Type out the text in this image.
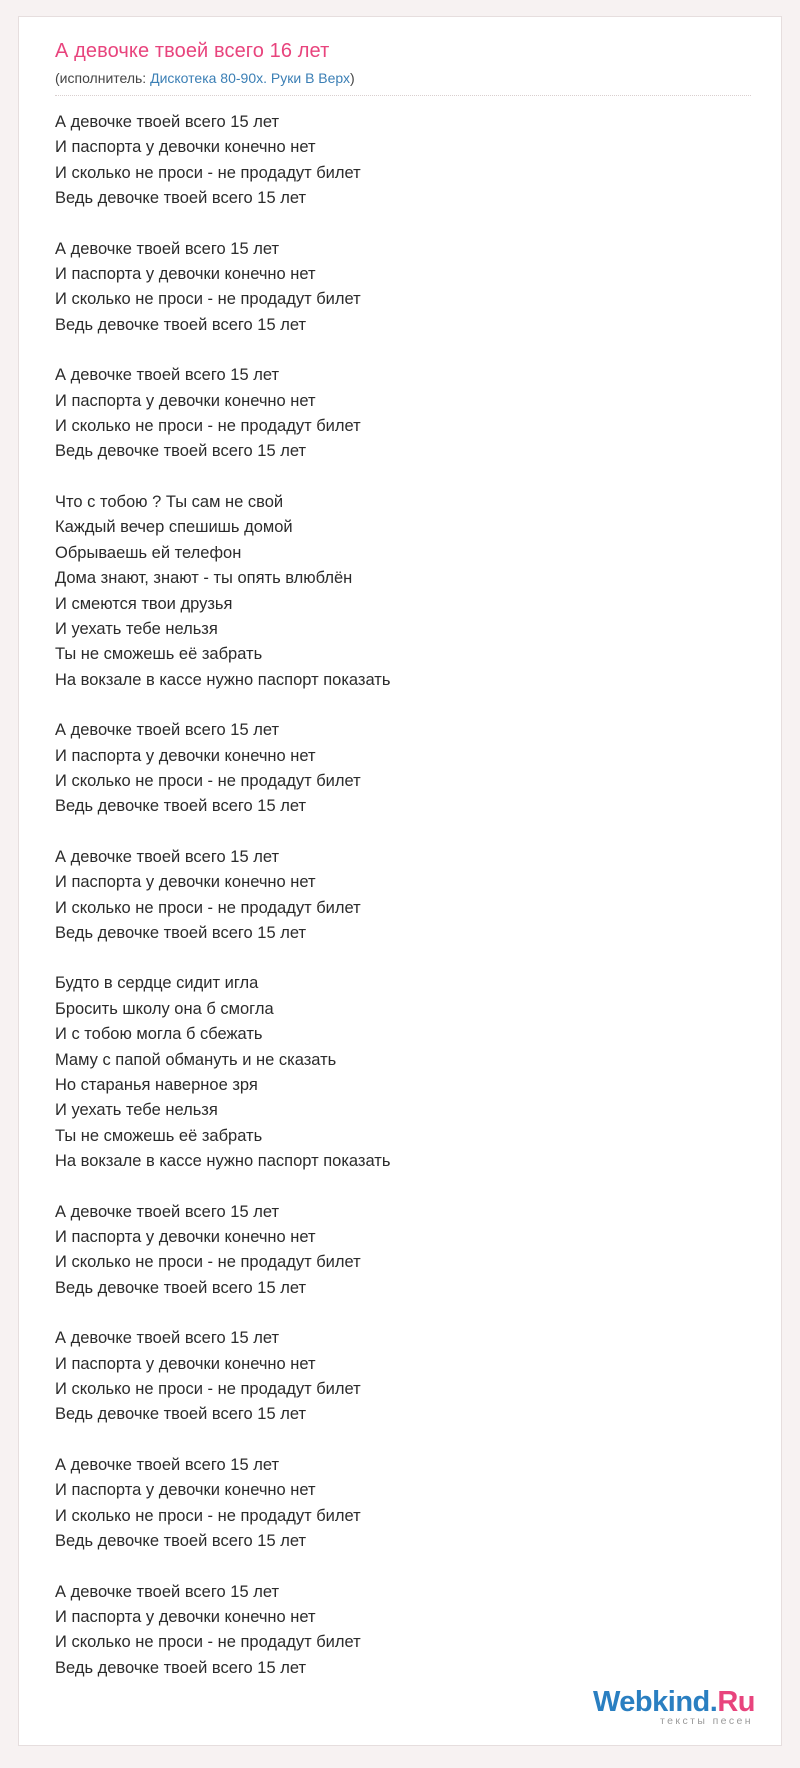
А девочке твоей всего 16 лет
(исполнитель: Дискотека 80-90х. Руки В Верх)

А девочке твоей всего 15 лет
И паспорта у девочки конечно нет
И сколько не проси - не продадут билет
Ведь девочке твоей всего 15 лет

А девочке твоей всего 15 лет
И паспорта у девочки конечно нет
И сколько не проси - не продадут билет
Ведь девочке твоей всего 15 лет

А девочке твоей всего 15 лет
И паспорта у девочки конечно нет
И сколько не проси - не продадут билет
Ведь девочке твоей всего 15 лет

Что с тобою ? Ты сам не свой
Каждый вечер спешишь домой
Обрываешь ей телефон
Дома знают, знают - ты опять влюблён
И смеются твои друзья
И уехать тебе нельзя
Ты не сможешь её забрать
На вокзале в кассе нужно паспорт показать

А девочке твоей всего 15 лет
И паспорта у девочки конечно нет
И сколько не проси - не продадут билет
Ведь девочке твоей всего 15 лет

А девочке твоей всего 15 лет
И паспорта у девочки конечно нет
И сколько не проси - не продадут билет
Ведь девочке твоей всего 15 лет

Будто в сердце сидит игла
Бросить школу она б смогла
И с тобою могла б сбежать
Маму с папой обмануть и не сказать
Но старанья наверное зря
И уехать тебе нельзя
Ты не сможешь её забрать
На вокзале в кассе нужно паспорт показать

А девочке твоей всего 15 лет
И паспорта у девочки конечно нет
И сколько не проси - не продадут билет
Ведь девочке твоей всего 15 лет

А девочке твоей всего 15 лет
И паспорта у девочки конечно нет
И сколько не проси - не продадут билет
Ведь девочке твоей всего 15 лет

А девочке твоей всего 15 лет
И паспорта у девочки конечно нет
И сколько не проси - не продадут билет
Ведь девочке твоей всего 15 лет

А девочке твоей всего 15 лет
И паспорта у девочки конечно нет
И сколько не проси - не продадут билет
Ведь девочке твоей всего 15 лет

Webkind.Ru
тексты песен
